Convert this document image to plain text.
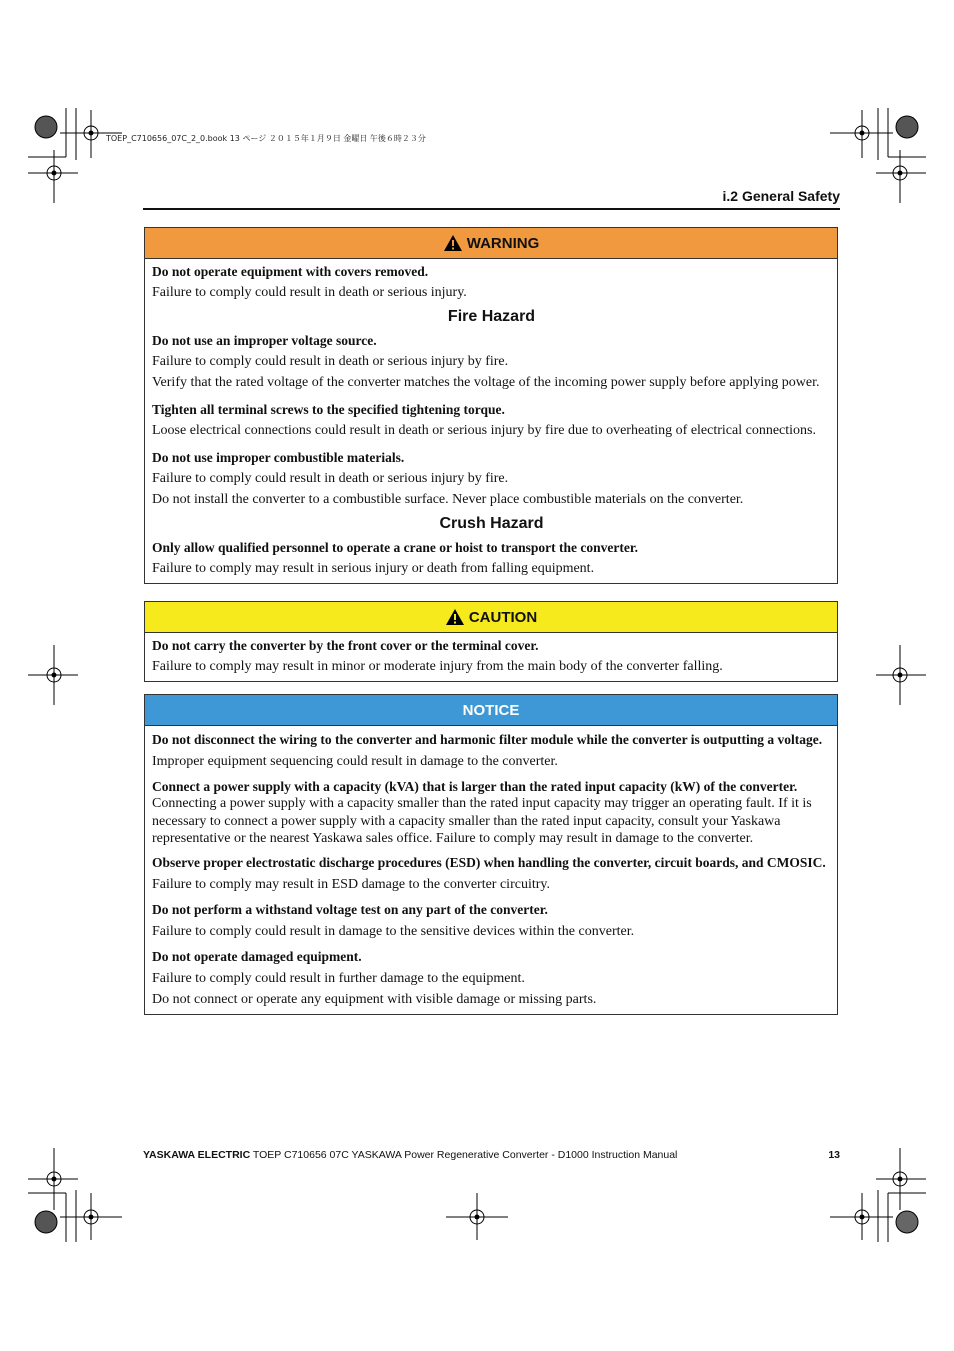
TOEP_C710656_07C_2_0.book 13 ページ ２０１５年１月９日 金曜日 午後６時２３分
i.2 General Safety
WARNING
Do not operate equipment with covers removed.
Failure to comply could result in death or serious injury.
Fire Hazard
Do not use an improper voltage source.
Failure to comply could result in death or serious injury by fire.
Verify that the rated voltage of the converter matches the voltage of the incoming power supply before applying power.
Tighten all terminal screws to the specified tightening torque.
Loose electrical connections could result in death or serious injury by fire due to overheating of electrical connections.
Do not use improper combustible materials.
Failure to comply could result in death or serious injury by fire.
Do not install the converter to a combustible surface. Never place combustible materials on the converter.
Crush Hazard
Only allow qualified personnel to operate a crane or hoist to transport the converter.
Failure to comply may result in serious injury or death from falling equipment.
CAUTION
Do not carry the converter by the front cover or the terminal cover.
Failure to comply may result in minor or moderate injury from the main body of the converter falling.
NOTICE
Do not disconnect the wiring to the converter and harmonic filter module while the converter is outputting a voltage.
Improper equipment sequencing could result in damage to the converter.
Connect a power supply with a capacity (kVA) that is larger than the rated input capacity (kW) of the converter.
Connecting a power supply with a capacity smaller than the rated input capacity may trigger an operating fault. If it is necessary to connect a power supply with a capacity smaller than the rated input capacity, consult your Yaskawa representative or the nearest Yaskawa sales office. Failure to comply may result in damage to the converter.
Observe proper electrostatic discharge procedures (ESD) when handling the converter, circuit boards, and CMOSIC.
Failure to comply may result in ESD damage to the converter circuitry.
Do not perform a withstand voltage test on any part of the converter.
Failure to comply could result in damage to the sensitive devices within the converter.
Do not operate damaged equipment.
Failure to comply could result in further damage to the equipment.
Do not connect or operate any equipment with visible damage or missing parts.
YASKAWA ELECTRIC TOEP C710656 07C YASKAWA Power Regenerative Converter - D1000 Instruction Manual	13
